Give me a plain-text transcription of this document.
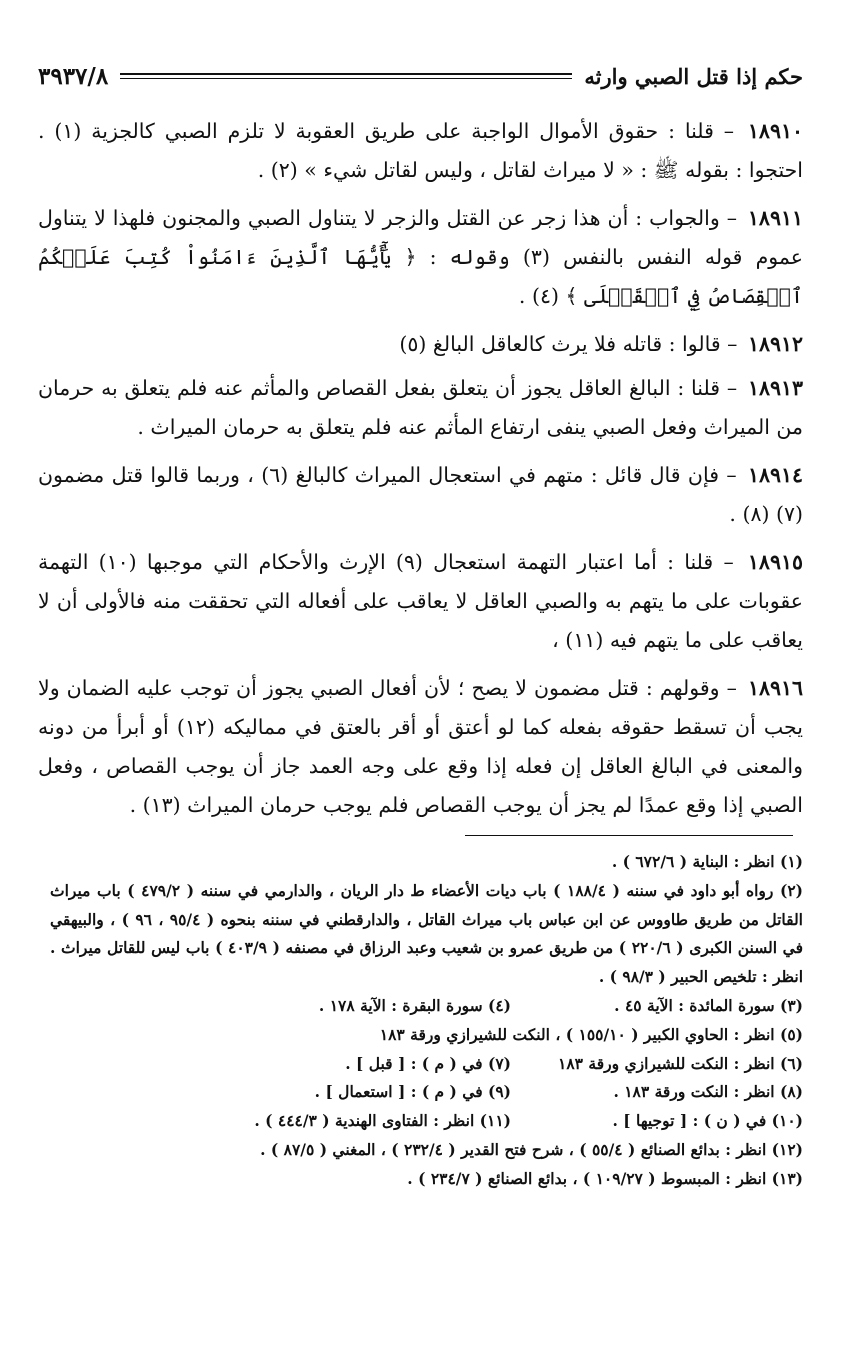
حكم إذا قتل الصبي وارثه
٣٩٣٧/٨

١٨٩١٠ – قلنا : حقوق الأموال الواجبة على طريق العقوبة لا تلزم الصبي كالجزية (١) . احتجوا : بقوله ﷺ : « لا ميراث لقاتل ، وليس لقاتل شيء » (٢) .

١٨٩١١ – والجواب : أن هذا زجر عن القتل والزجر لا يتناول الصبي والمجنون فلهذا لا يتناول عموم قوله النفس بالنفس (٣) وقوله : ﴿ يَٰٓأَيُّهَا ٱلَّذِينَ ءَامَنُواْ كُتِبَ عَلَيۡكُمُ ٱلۡقِصَاصُ فِي ٱلۡقَتۡلَى ﴾ (٤) .

١٨٩١٢ – قالوا : قاتله فلا يرث كالعاقل البالغ (٥)

١٨٩١٣ – قلنا : البالغ العاقل يجوز أن يتعلق بفعل القصاص والمأثم عنه فلم يتعلق به حرمان من الميراث وفعل الصبي ينفى ارتفاع المأثم عنه فلم يتعلق به حرمان الميراث .

١٨٩١٤ – فإن قال قائل : متهم في استعجال الميراث كالبالغ (٦) ، وربما قالوا قتل مضمون (٧) (٨) .

١٨٩١٥ – قلنا : أما اعتبار التهمة استعجال (٩) الإرث والأحكام التي موجبها (١٠) التهمة عقوبات على ما يتهم به والصبي العاقل لا يعاقب على أفعاله التي تحققت منه فالأولى أن لا يعاقب على ما يتهم فيه (١١) ،

١٨٩١٦ – وقولهم : قتل مضمون لا يصح ؛ لأن أفعال الصبي يجوز أن توجب عليه الضمان ولا يجب أن تسقط حقوقه بفعله كما لو أعتق أو أقر بالعتق في مماليكه (١٢) أو أبرأ من دونه والمعنى في البالغ العاقل إن فعله إذا وقع على وجه العمد جاز أن يوجب القصاص ، وفعل الصبي إذا وقع عمدًا لم يجز أن يوجب القصاص فلم يوجب حرمان الميراث (١٣) .

(١) انظر : البناية ( ٦٧٢/٦ ) .

(٢) رواه أبو داود في سننه ( ١٨٨/٤ ) باب ديات الأعضاء ط دار الريان ، والدارمي في سننه ( ٤٧٩/٢ ) باب ميراث القاتل من طريق طاووس عن ابن عباس باب ميراث القاتل ، والدارقطني في سننه بنحوه ( ٩٥/٤ ، ٩٦ ) ، والبيهقي في السنن الكبرى ( ٢٢٠/٦ ) من طريق عمرو بن شعيب وعبد الرزاق في مصنفه ( ٤٠٣/٩ ) باب ليس للقاتل ميراث . انظر : تلخيص الحبير ( ٩٨/٣ ) .

(٣) سورة المائدة : الآية ٤٥ .

(٤) سورة البقرة : الآية ١٧٨ .

(٥) انظر : الحاوي الكبير ( ١٥٥/١٠ ) ، النكت للشيرازي ورقة ١٨٣

(٦) انظر : النكت للشيرازي ورقة ١٨٣

(٧) في ( م ) : [ قبل ] .

(٨) انظر : النكت ورقة ١٨٣ .

(٩) في ( م ) : [ استعمال ] .

(١٠) في ( ن ) : [ توجيها ] .

(١١) انظر : الفتاوى الهندية ( ٤٤٤/٣ ) .

(١٢) انظر : بدائع الصنائع ( ٥٥/٤ ) ، شرح فتح القدير ( ٢٣٢/٤ ) ، المغني ( ٨٧/٥ ) .

(١٣) انظر : المبسوط ( ١٠٩/٢٧ ) ، بدائع الصنائع ( ٢٣٤/٧ ) .
